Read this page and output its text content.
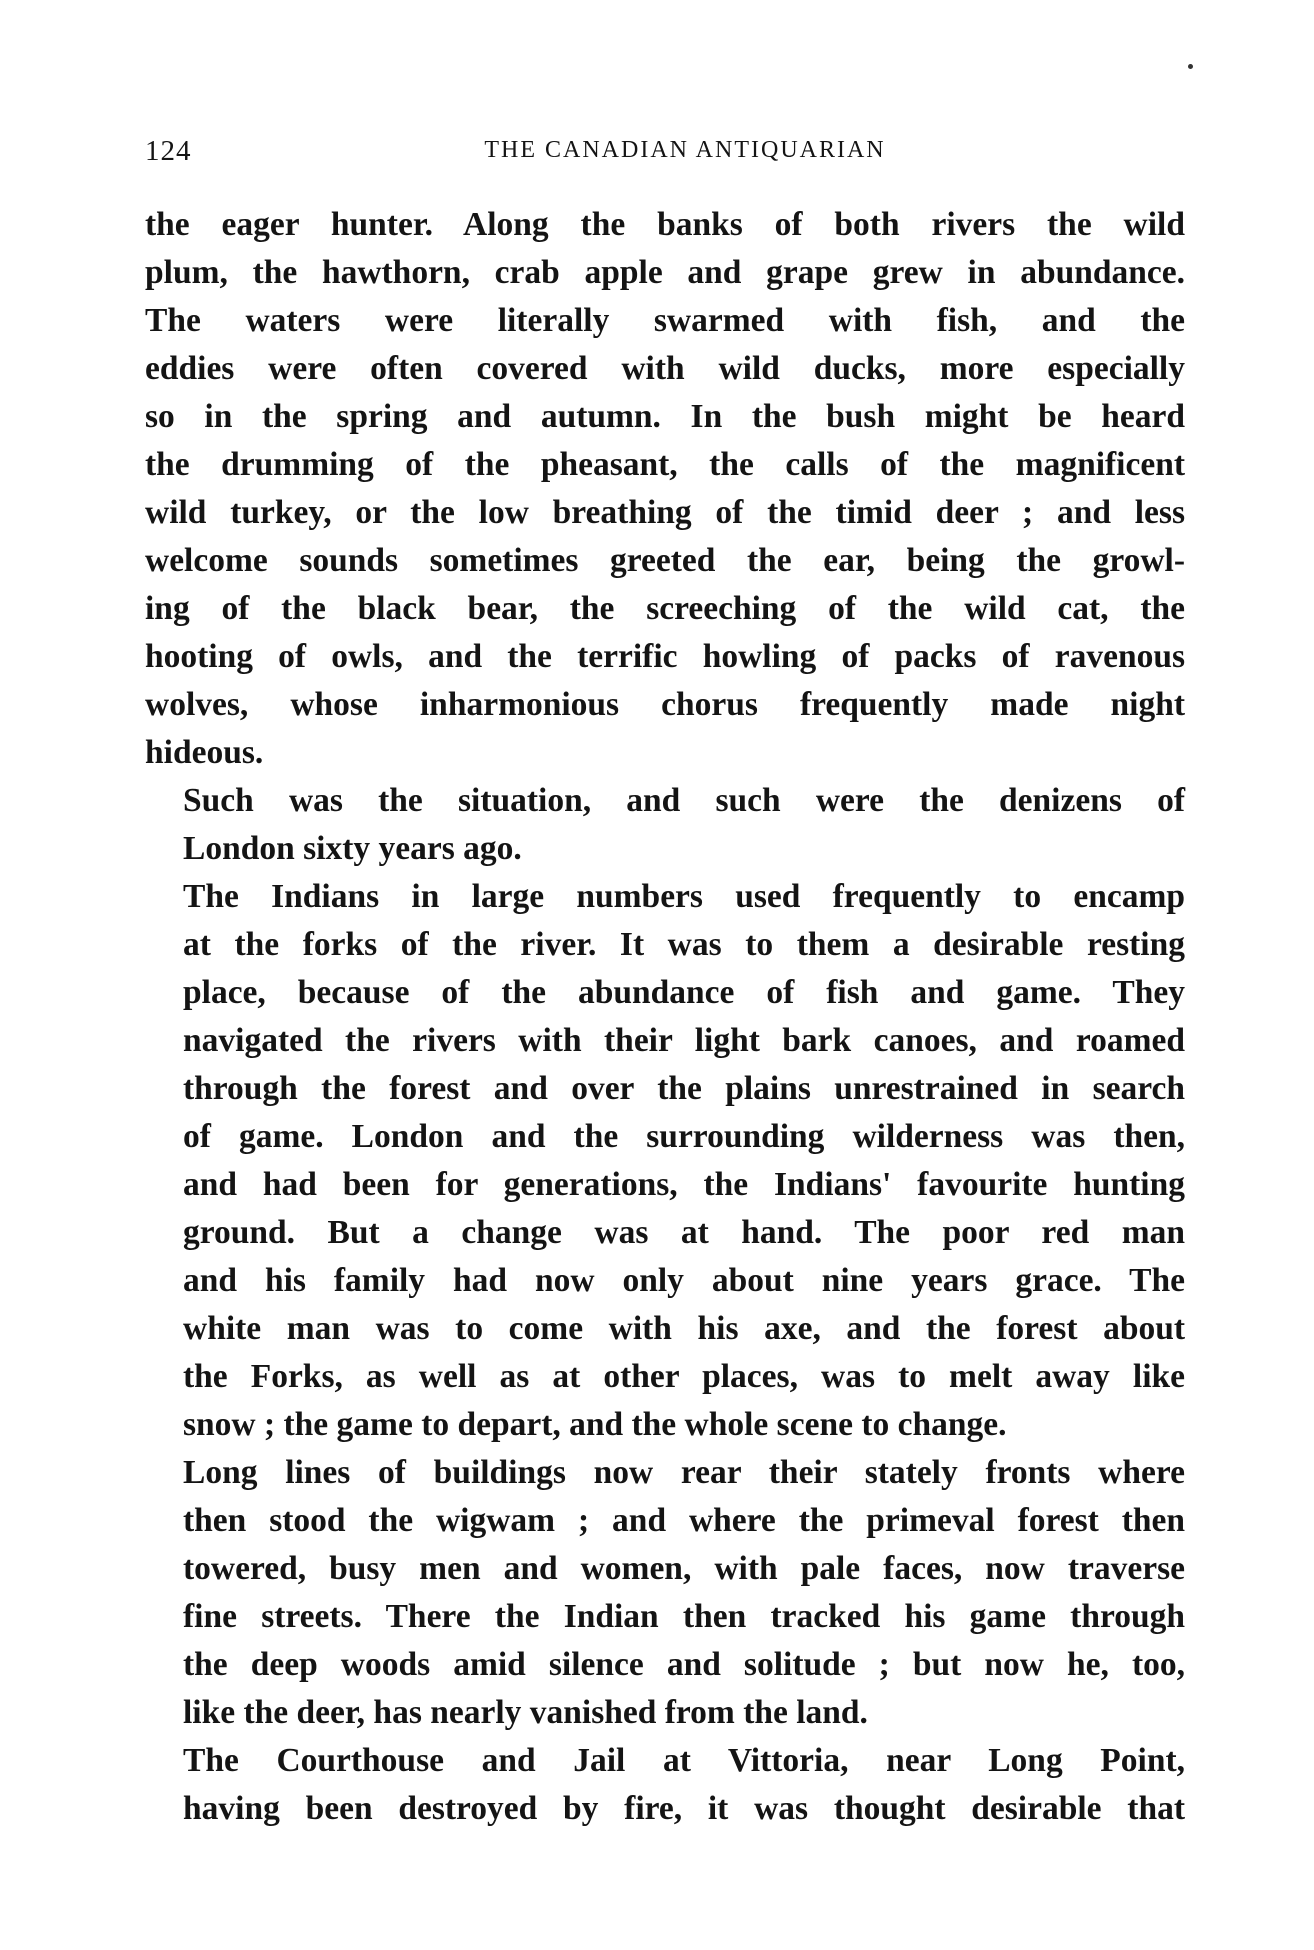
124	THE CANADIAN ANTIQUARIAN
the eager hunter. Along the banks of both rivers the wild
plum, the hawthorn, crab apple and grape grew in abundance.
The waters were literally swarmed with fish, and the
eddies were often covered with wild ducks, more especially
so in the spring and autumn. In the bush might be heard
the drumming of the pheasant, the calls of the magnificent
wild turkey, or the low breathing of the timid deer ; and less
welcome sounds sometimes greeted the ear, being the growl-
ing of the black bear, the screeching of the wild cat, the
hooting of owls, and the terrific howling of packs of ravenous
wolves, whose inharmonious chorus frequently made night
hideous.
Such was the situation, and such were the denizens of
London sixty years ago.
The Indians in large numbers used frequently to encamp
at the forks of the river. It was to them a desirable resting
place, because of the abundance of fish and game. They
navigated the rivers with their light bark canoes, and roamed
through the forest and over the plains unrestrained in search
of game. London and the surrounding wilderness was then,
and had been for generations, the Indians' favourite hunting
ground. But a change was at hand. The poor red man
and his family had now only about nine years grace. The
white man was to come with his axe, and the forest about
the Forks, as well as at other places, was to melt away like
snow ; the game to depart, and the whole scene to change.
Long lines of buildings now rear their stately fronts where
then stood the wigwam ; and where the primeval forest then
towered, busy men and women, with pale faces, now traverse
fine streets. There the Indian then tracked his game through
the deep woods amid silence and solitude ; but now he, too,
like the deer, has nearly vanished from the land.
The Courthouse and Jail at Vittoria, near Long Point,
having been destroyed by fire, it was thought desirable that
